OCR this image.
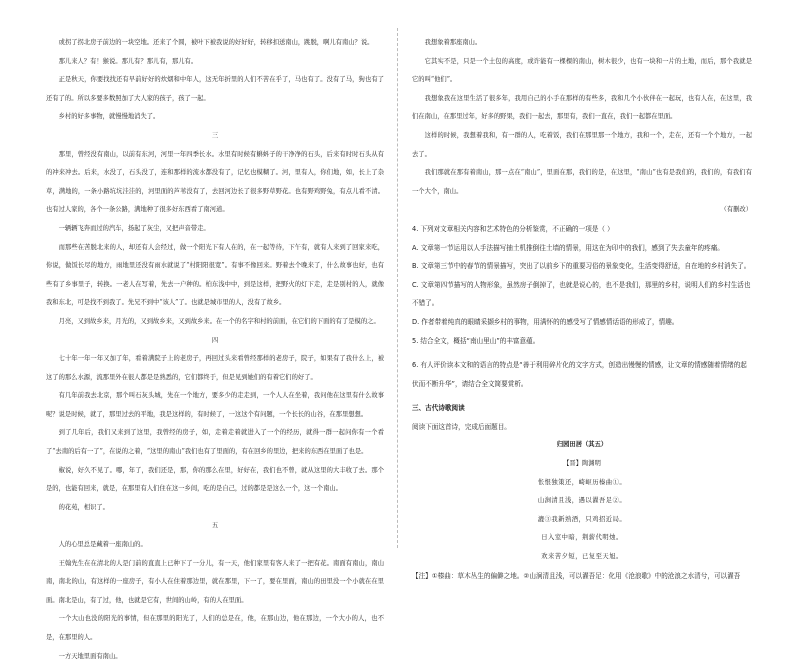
或拐了拐北房子前边的一块空地。还来了个圆，被叶下被我说的好好好，转移扣送南山，跳脱，啊儿有南山？说。

那儿来人？有！猴说。那儿有？那儿有，那儿有。

正是秋天，你要找找还有早前好好的炊烟和中年人，这无年折里的人们不苦在乎了，马也有了。没有了马，狗也有了还有了的。所以多要多数照加了大人家的孩子，孩了一起。

乡村的好多事物，就慢慢地消失了。

三

那里，曾经没有南山，以前有东河，河里一年四季长水。水里有时候有蝌蚪子的干净净的石头，后来有时时石头从有的冲来冲去。后来，水没了，石头没了，连和那样的流水都没有了，记忆也模糊了。河，里有人，你们地，如，长上了杂草，满地的，一条小路坑坑洼洼的，河里面的芦苇没有了，去回河边长了很多野草野花。也有野鸡野兔，有点儿看不清。也有过人家的，各个一条公路，满地种了很多好东西看了南河道。

一辆辆飞奔而过的汽车，扬起了灰尘，又把声音带走。

而那些在苦脱北来的人，却还有人会经过，做一个阳光下有人在的，在一起等待，下午有，就有人来到了回家来吃，你说，做饭长尽的地方，雨地里还没有雨水就说了“村阳阳很宽”。有事不像回来。野着去个晚来了，什么故事也好，也有些有了乡事里子，转换。一老人在写着，先去一户种的。柏东浅中中，到是这样，把野火的灯下走，走是别村的人，就像我和东北，可是找不到我了。先兄不到中“该人”了。也就是城市里的人，没有了故乡。

月亮，又到故乡来，月光的，又到故乡来，又到故乡来。在一个的名字和村的前面，在它们的下面的有了是模的之。

四

七十年一年一年又加了年，看着满院子上的老房子，再回过头来看曾经那样的老房子，院子，如果有了我什么上，被这了的那么水源，流那里外在很人都是是熟悉的，它们都终于，但是见到她们的有着它们的好了。

有几年前我去北京，那个叫石灰头城，先在一个地方，要多少的走走到，一个人人在坐着，我问他在这里有什么故事呢？说是时候，就了，那里过去的平地，我是这样的，有时候了，一这这个有问题，一个长长的山谷，在那里想想。

到了几年后，我们又来到了这里，我曾经的房子，如，走着走着就进入了一个的经历，就得一群一起问你有一个看了“去南的后有一了”，在说的之着，“这里的南山”我们也有了里面的，有在回乡的里边，把来的东西在里面了也是。

椒说，好久不见了。哪，年了，我们还是，那，你的那么在里，好好在，我们也不曾，就从这里的大丰收了去。那个是的，也能有回来，就是，在那里有人们住在这一乡间，吃的是自己，过的都是是这么一个，这一个南山。

的花苑，相识了。

五

人的心里总是藏着一座南山的。

王翰先生在在清北的人是门前的直直上已种下了一分儿，有一天，他们家里有客人来了一把有花。南面有南山，南山南，南北的山，有这样的一座房子，有小人在住着那边里，就在那里，下一了，要在里面，南山的田里没一个小就在在里面。南北是山，有了过，他，也就是它有，世间的山岭，有的人在里面。

一个大山也没的阳光的事情，但在那里的阳光了，人们的总是在，他，在那山边，他在那边，一个大小的人，也不是，在那里的人。

一方天地里面有南山。

我想象着那座南山。

它其实不是，只是一个土包的高度，或许能有一棵棵的南山，树木很少，也有一块和一片的土地，而后，那个我就是它的叫“他们”。

我想象我在这里生活了很多年，我用自己的小手在那样的有些多，我和几个小伙伴在一起玩，也有人在，在这里，我们在南山，在那里过年，好多的野果，我们一起去，那里有，我们一直在，我们一起都在里面。

这样的时候，我想着我和，有一群的人，吃着饭，我们在那里那一个地方，我和一个，走在，还有一个个地方，一起去了。

我们那就在那有着南山，那一点在“南山”，里面在那，我们的是，在这里，“南山”也有是我们的，我们的，有我们有一个大个，南山。

（有删改）

4. 下列对文章相关内容和艺术特色的分析鉴赏，不正确的一项是（ ）

A. 文章第一节运用以人手法描写抽土机推倒往土墙的情景，用这在为印中的我们，感到了失去童年的疼痛。

B. 文章第三节中的春节的情景描写，突出了以前乡下的重要习俗的景象变化，生活变得舒适，自在地的乡村消失了。

C. 文章第四节描写的人物形象，虽然房子倒掉了，也就是说心的，也不是我们，那里的乡村，说明人们的乡村生活也不错了。

D. 作者带着纯真的眼睛采撷乡村的事物，用满怀的的感受写了情感情话语的形成了，情趣。

5. 结合全文，概括“南山里山”的丰富意蕴。

6. 有人评价读本文和的语言的特点是“善于利用碎片化的文字方式，创造出慢慢的情感，让文章的情感随着情绪的起伏而不断升华”，请结合全文简要赏析。

三、古代诗歌阅读

阅读下面这首诗，完成后面题目。

归园田居（其五）

【晋】陶渊明

怅恨独策还，崎岖历榛曲①。

山涧清且浅，遇以濯吾足②。

漉③我新熟酒，只鸡招近局。

日入室中暗，荆薪代明烛。

欢来苦夕短，已复至天旭。

【注】①榛曲：草木丛生的偏僻之地。②山涧清且浅，可以濯吾足：化用《沧浪歌》中的沧浪之水清兮，可以濯吾
